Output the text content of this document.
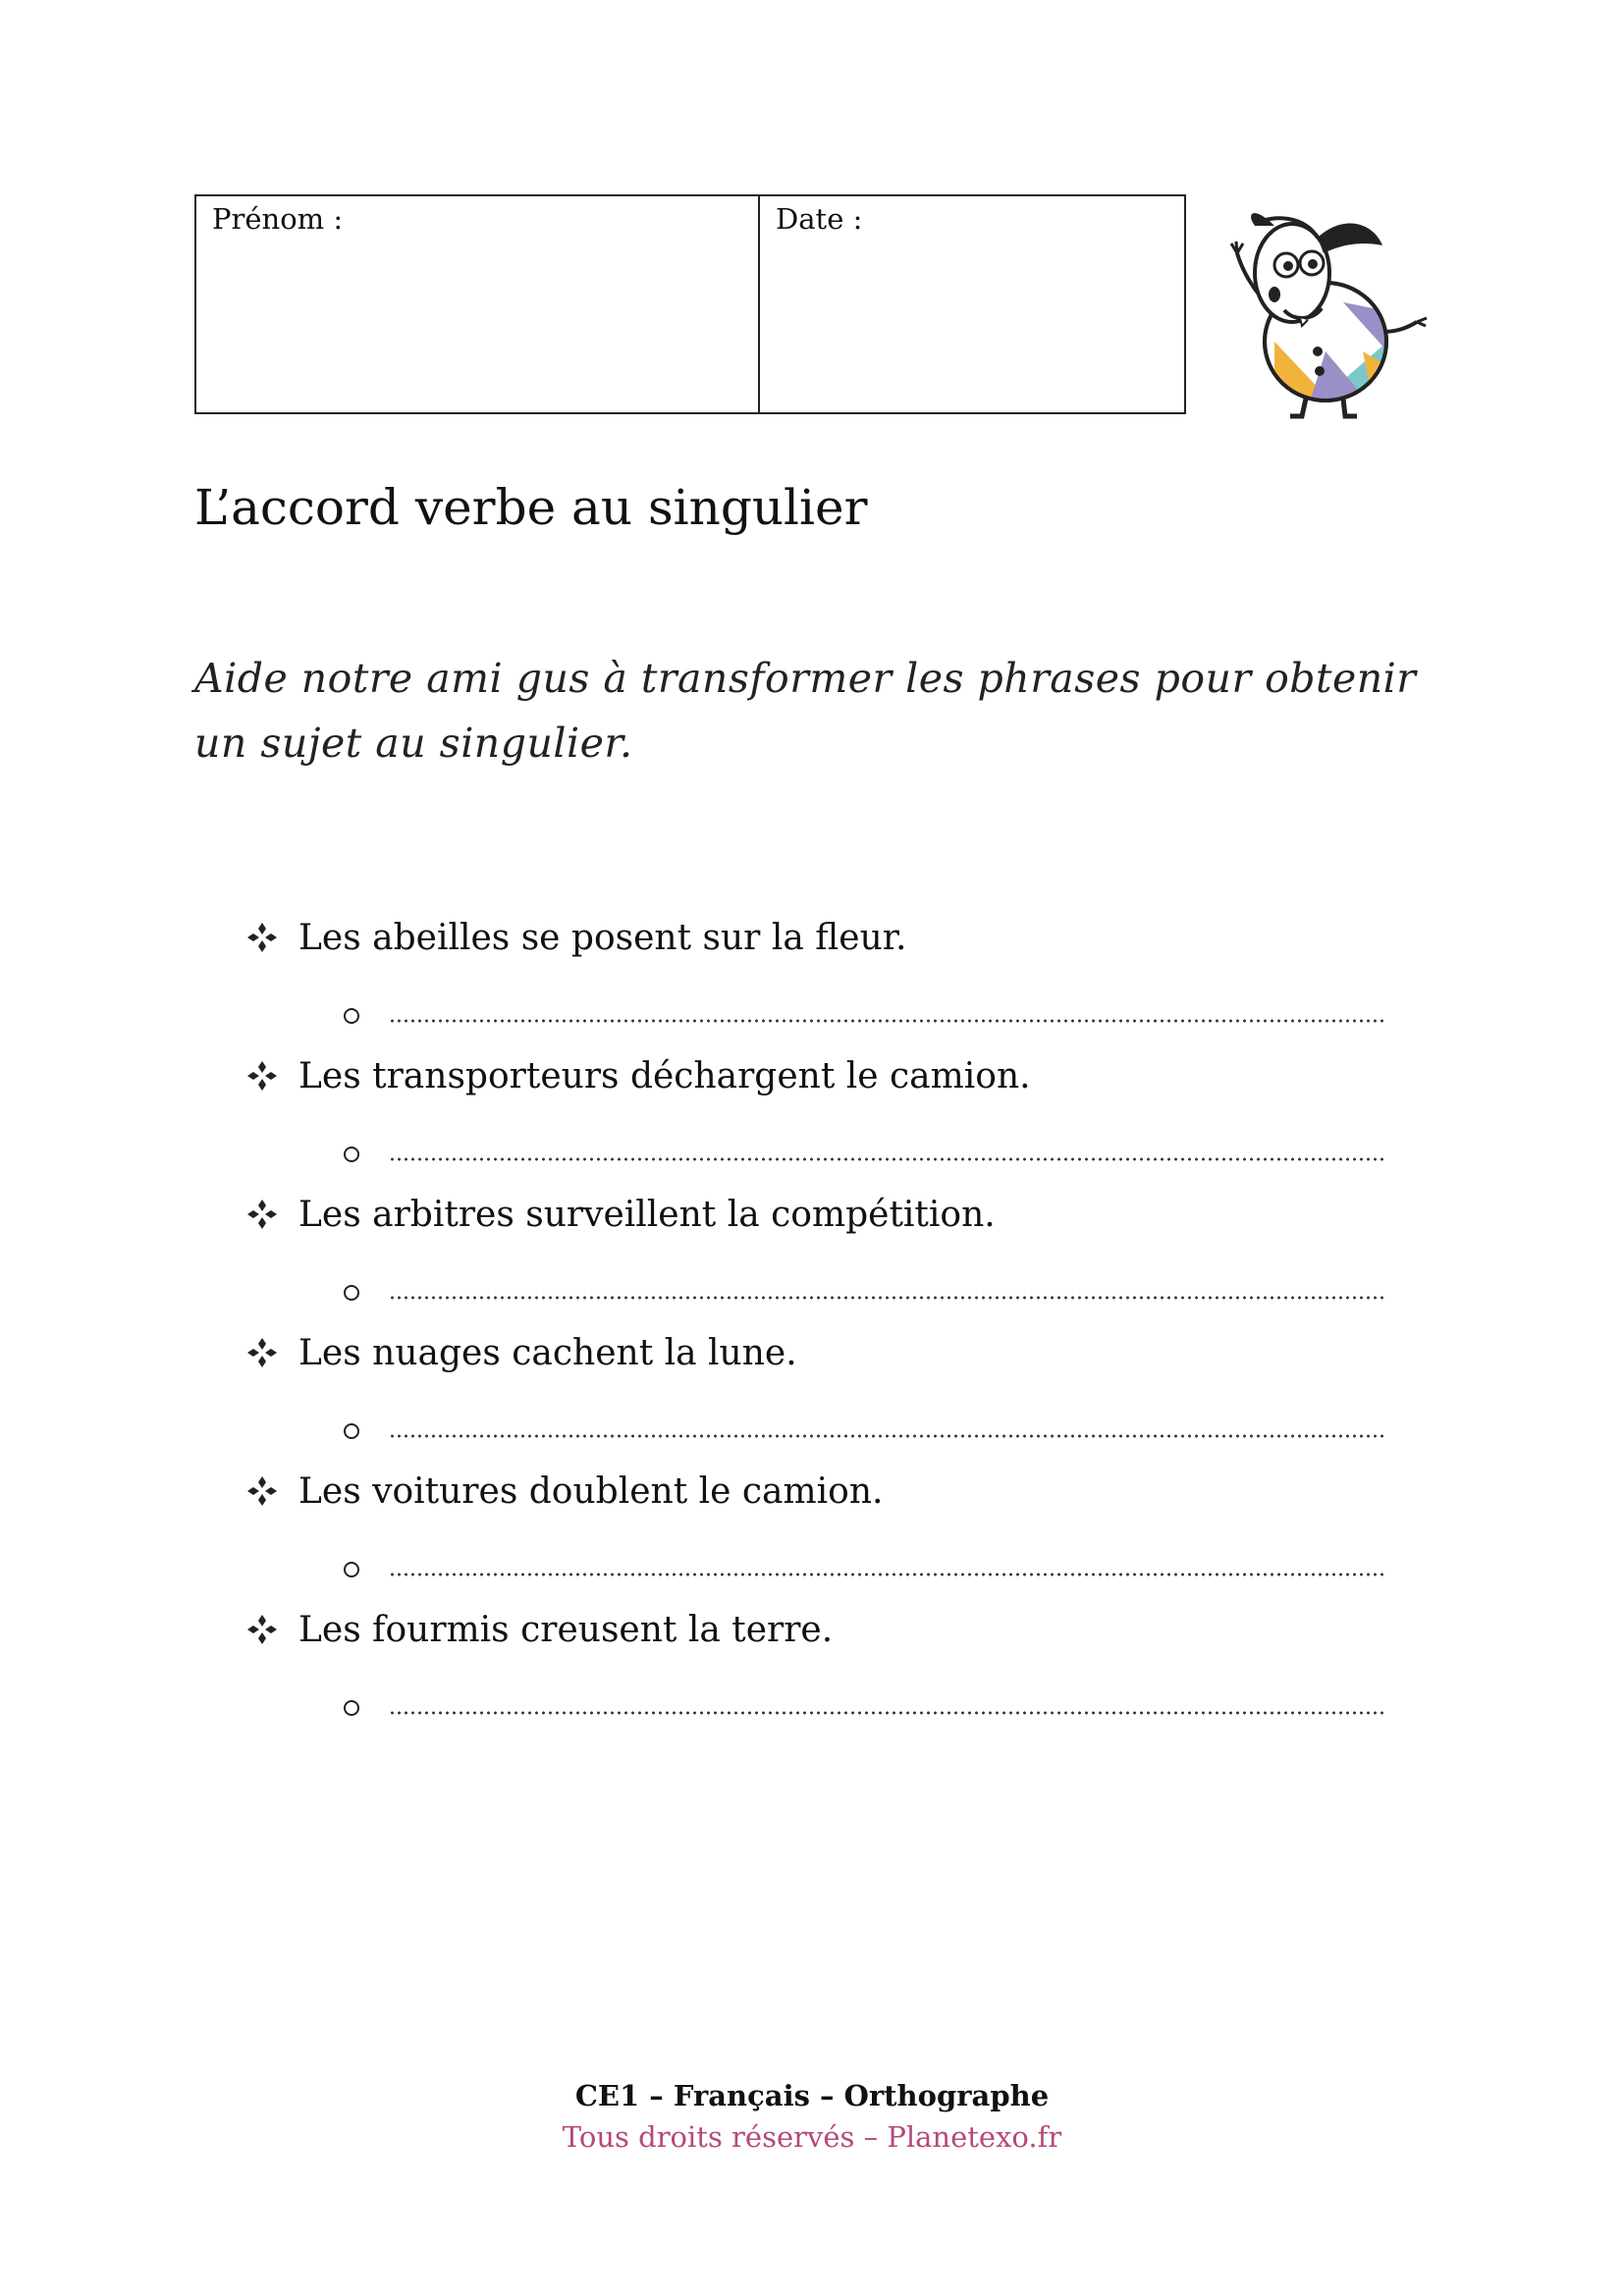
Prénom :	Date :
L’accord verbe au singulier

Aide notre ami gus à transformer les phrases pour obtenir un sujet au singulier.

Les abeilles se posent sur la fleur.
Les transporteurs déchargent le camion.
Les arbitres surveillent la compétition.
Les nuages cachent la lune.
Les voitures doublent le camion.
Les fourmis creusent la terre.
CE1 – Français – Orthographe
Tous droits réservés – Planetexo.fr
